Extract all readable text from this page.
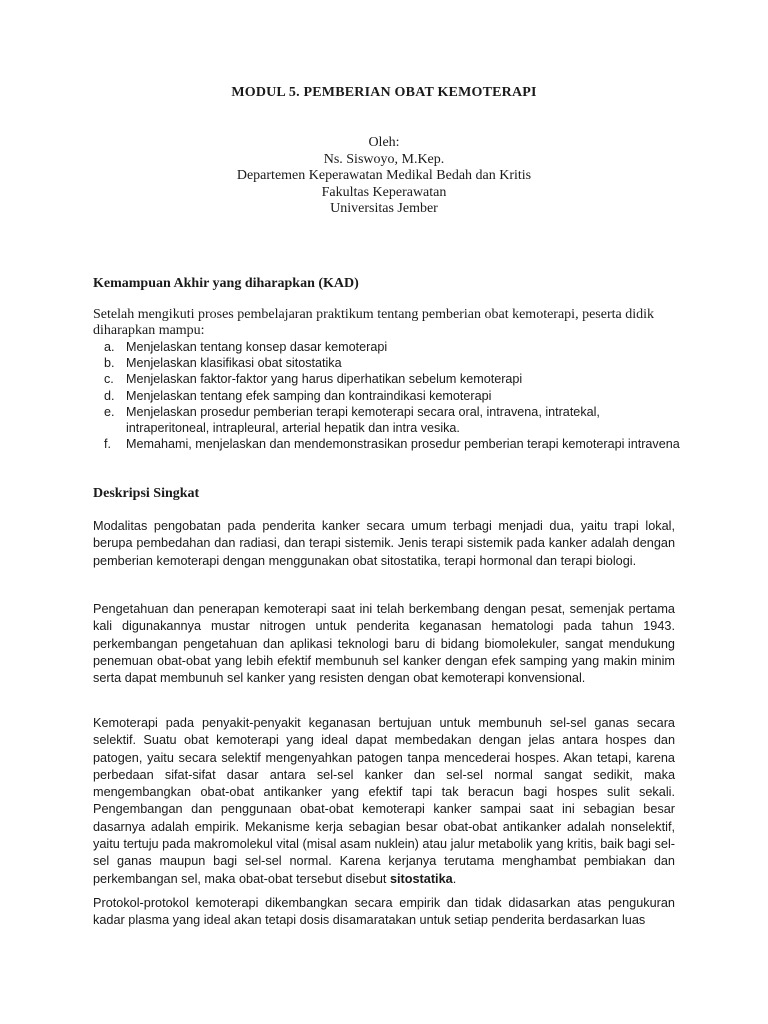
MODUL 5. PEMBERIAN OBAT KEMOTERAPI
Oleh:
Ns. Siswoyo, M.Kep.
Departemen Keperawatan Medikal Bedah dan Kritis
Fakultas Keperawatan
Universitas Jember
Kemampuan Akhir yang diharapkan (KAD)
Setelah mengikuti proses pembelajaran praktikum tentang pemberian obat kemoterapi, peserta didik diharapkan mampu:
a. Menjelaskan tentang konsep dasar kemoterapi
b. Menjelaskan klasifikasi obat sitostatika
c. Menjelaskan faktor-faktor yang harus diperhatikan sebelum kemoterapi
d. Menjelaskan tentang efek samping dan kontraindikasi kemoterapi
e. Menjelaskan prosedur pemberian terapi kemoterapi secara oral, intravena, intratekal, intraperitoneal, intrapleural, arterial hepatik dan intra vesika.
f. Memahami, menjelaskan dan mendemonstrasikan prosedur pemberian terapi kemoterapi intravena
Deskripsi Singkat

Modalitas pengobatan pada penderita kanker secara umum terbagi menjadi dua, yaitu trapi lokal, berupa pembedahan dan radiasi, dan terapi sistemik. Jenis terapi sistemik pada kanker adalah dengan pemberian kemoterapi dengan menggunakan obat sitostatika, terapi hormonal dan terapi biologi.

Pengetahuan dan penerapan kemoterapi saat ini telah berkembang dengan pesat, semenjak pertama kali digunakannya mustar nitrogen untuk penderita keganasan hematologi pada tahun 1943. perkembangan pengetahuan dan aplikasi teknologi baru di bidang biomolekuler, sangat mendukung penemuan obat-obat yang lebih efektif membunuh sel kanker dengan efek samping yang makin minim serta dapat membunuh sel kanker yang resisten dengan obat kemoterapi konvensional.

Kemoterapi pada penyakit-penyakit keganasan bertujuan untuk membunuh sel-sel ganas secara selektif. Suatu obat kemoterapi yang ideal dapat membedakan dengan jelas antara hospes dan patogen, yaitu secara selektif mengenyahkan patogen tanpa mencederai hospes. Akan tetapi, karena perbedaan sifat-sifat dasar antara sel-sel kanker dan sel-sel normal sangat sedikit, maka mengembangkan obat-obat antikanker yang efektif tapi tak beracun bagi hospes sulit sekali. Pengembangan dan penggunaan obat-obat kemoterapi kanker sampai saat ini sebagian besar dasarnya adalah empirik. Mekanisme kerja sebagian besar obat-obat antikanker adalah nonselektif, yaitu tertuju pada makromolekul vital (misal asam nuklein) atau jalur metabolik yang kritis, baik bagi sel-sel ganas maupun bagi sel-sel normal. Karena kerjanya terutama menghambat pembiakan dan perkembangan sel, maka obat-obat tersebut disebut sitostatika.

Protokol-protokol kemoterapi dikembangkan secara empirik dan tidak didasarkan atas pengukuran kadar plasma yang ideal akan tetapi dosis disamaratakan untuk setiap penderita berdasarkan luas
